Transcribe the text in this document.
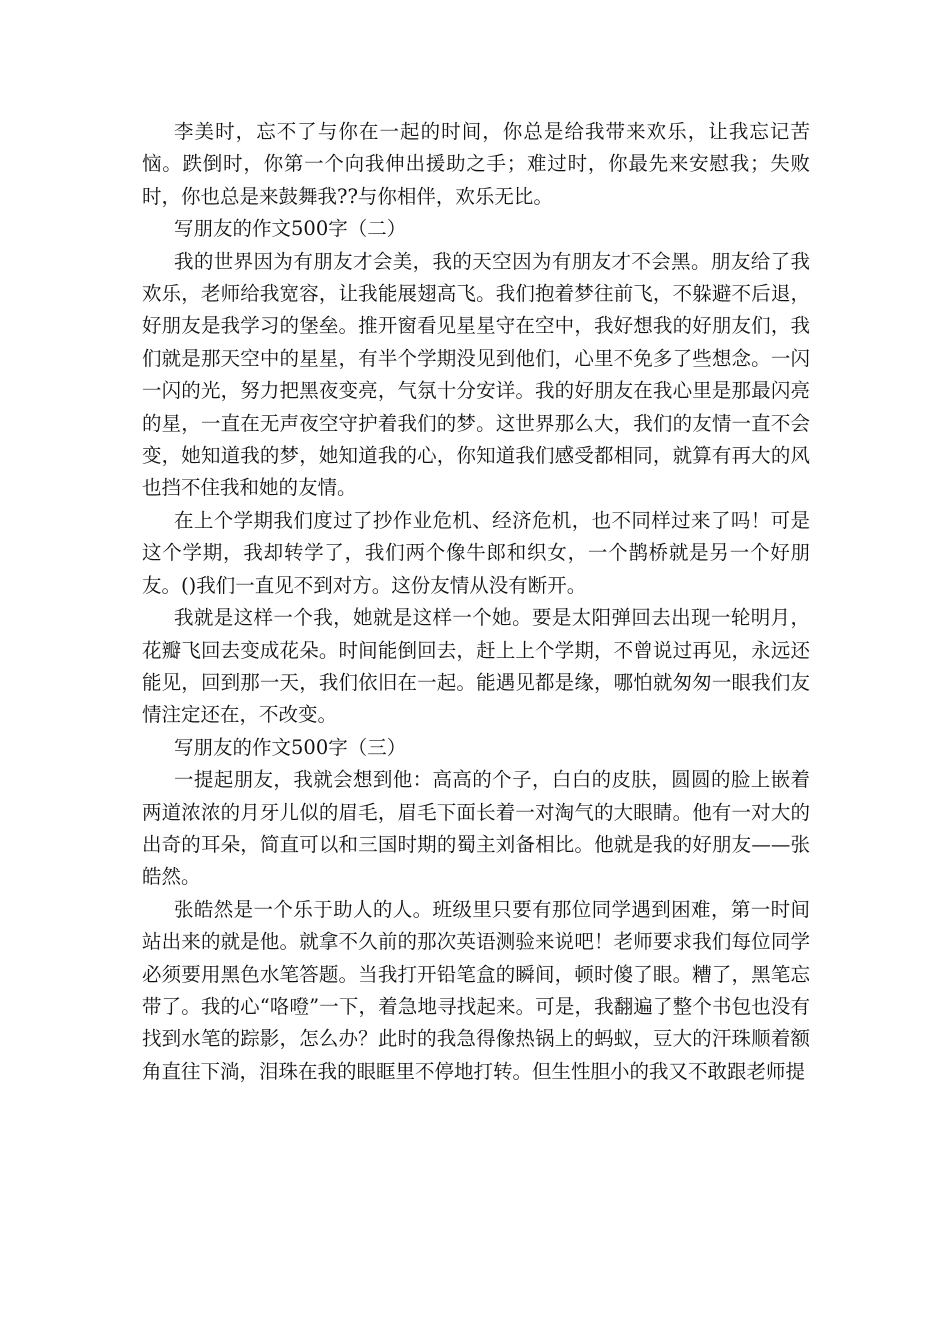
李美时，忘不了与你在一起的时间，你总是给我带来欢乐，让我忘记苦恼。跌倒时，你第一个向我伸出援助之手；难过时，你最先来安慰我；失败时，你也总是来鼓舞我??与你相伴，欢乐无比。

写朋友的作文500字（二）

我的世界因为有朋友才会美，我的天空因为有朋友才不会黑。朋友给了我欢乐，老师给我宽容，让我能展翅高飞。我们抱着梦往前飞，不躲避不后退，好朋友是我学习的堡垒。推开窗看见星星守在空中，我好想我的好朋友们，我们就是那天空中的星星，有半个学期没见到他们，心里不免多了些想念。一闪一闪的光，努力把黑夜变亮，气氛十分安详。我的好朋友在我心里是那最闪亮的星，一直在无声夜空守护着我们的梦。这世界那么大，我们的友情一直不会变，她知道我的梦，她知道我的心，你知道我们感受都相同，就算有再大的风也挡不住我和她的友情。

在上个学期我们度过了抄作业危机、经济危机，也不同样过来了吗！可是这个学期，我却转学了，我们两个像牛郎和织女，一个鹊桥就是另一个好朋友。()我们一直见不到对方。这份友情从没有断开。

我就是这样一个我，她就是这样一个她。要是太阳弹回去出现一轮明月，花瓣飞回去变成花朵。时间能倒回去，赶上上个学期，不曾说过再见，永远还能见，回到那一天，我们依旧在一起。能遇见都是缘，哪怕就匆匆一眼我们友情注定还在，不改变。

写朋友的作文500字（三）

一提起朋友，我就会想到他：高高的个子，白白的皮肤，圆圆的脸上嵌着两道浓浓的月牙儿似的眉毛，眉毛下面长着一对淘气的大眼睛。他有一对大的出奇的耳朵，简直可以和三国时期的蜀主刘备相比。他就是我的好朋友——张皓然。

张皓然是一个乐于助人的人。班级里只要有那位同学遇到困难，第一时间站出来的就是他。就拿不久前的那次英语测验来说吧！老师要求我们每位同学必须要用黑色水笔答题。当我打开铅笔盒的瞬间，顿时傻了眼。糟了，黑笔忘带了。我的心“咯噔”一下，着急地寻找起来。可是，我翻遍了整个书包也没有找到水笔的踪影，怎么办？此时的我急得像热锅上的蚂蚁，豆大的汗珠顺着额角直往下淌，泪珠在我的眼眶里不停地打转。但生性胆小的我又不敢跟老师提
